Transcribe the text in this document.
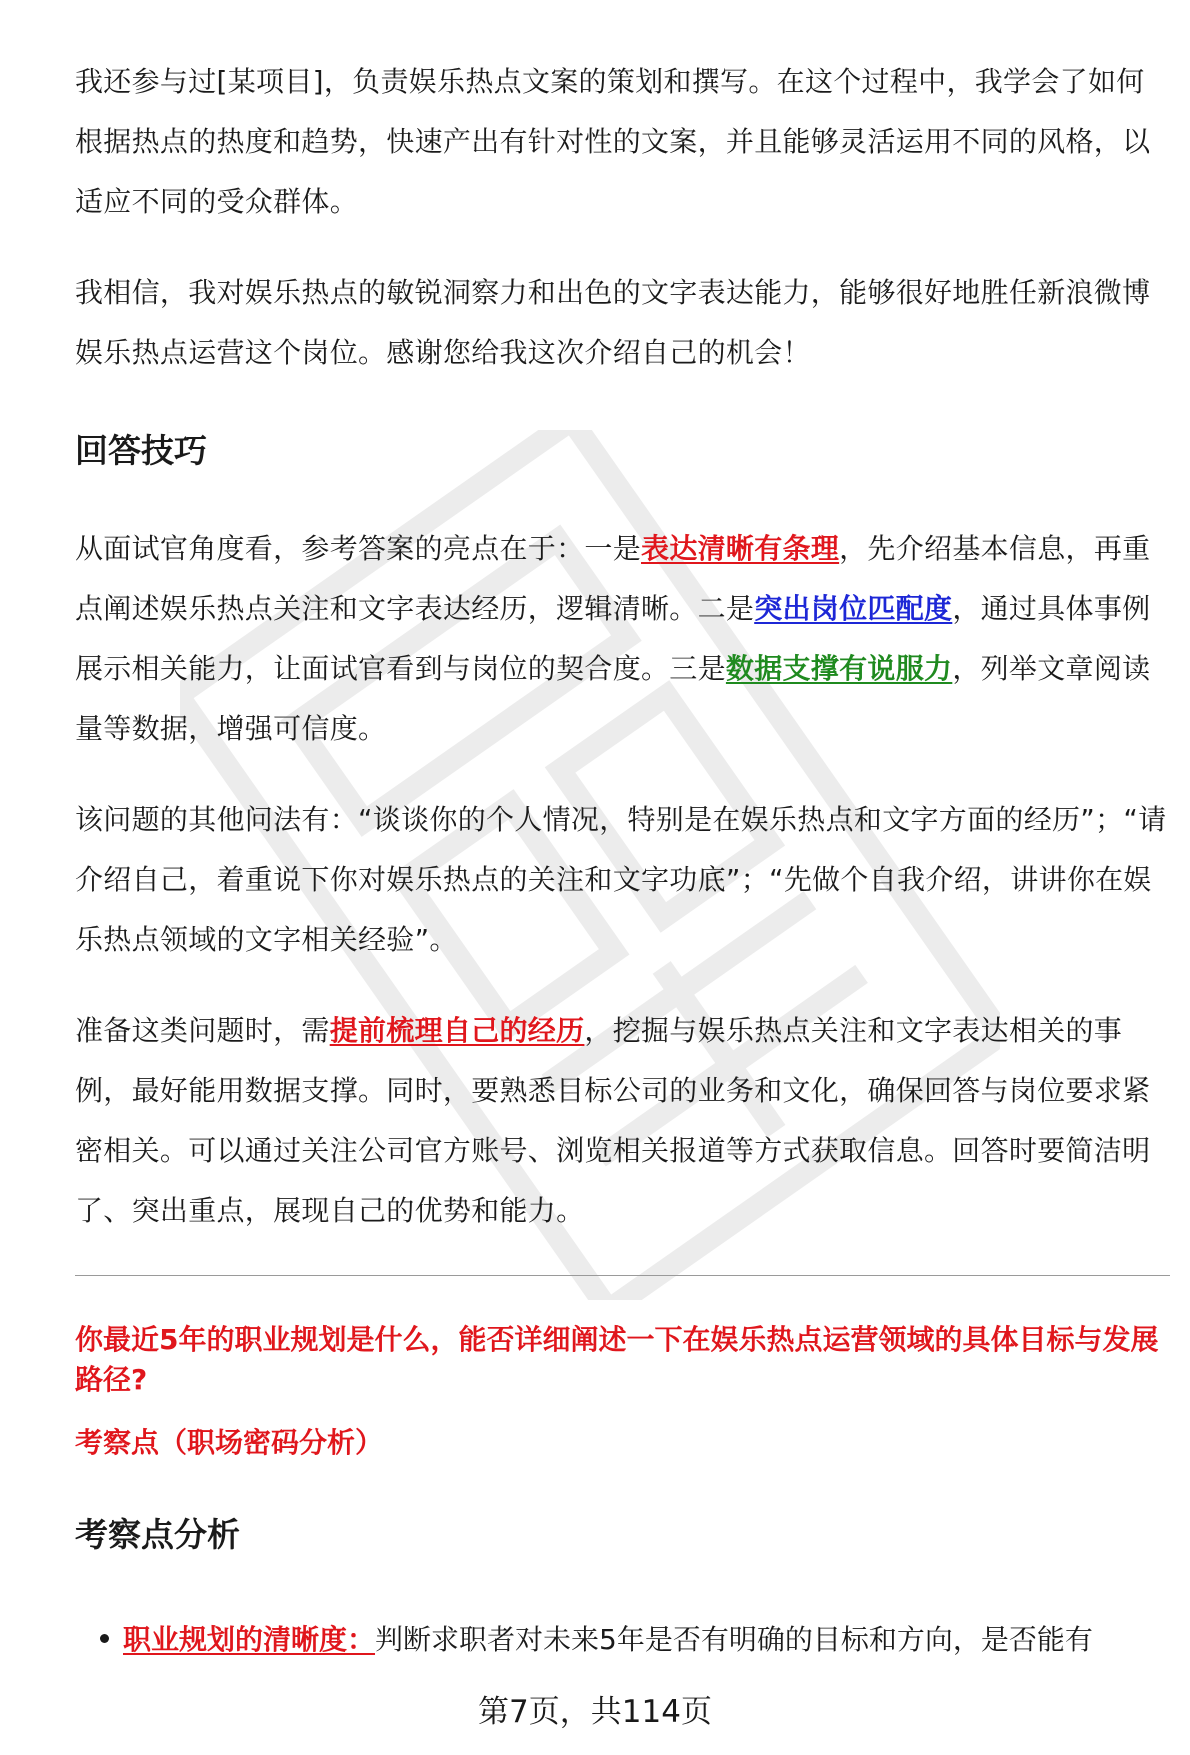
我还参与过[某项目]，负责娱乐热点文案的策划和撰写。在这个过程中，我学会了如何根据热点的热度和趋势，快速产出有针对性的文案，并且能够灵活运用不同的风格，以适应不同的受众群体。

我相信，我对娱乐热点的敏锐洞察力和出色的文字表达能力，能够很好地胜任新浪微博娱乐热点运营这个岗位。感谢您给我这次介绍自己的机会！

回答技巧

从面试官角度看，参考答案的亮点在于：一是表达清晰有条理，先介绍基本信息，再重点阐述娱乐热点关注和文字表达经历，逻辑清晰。二是突出岗位匹配度，通过具体事例展示相关能力，让面试官看到与岗位的契合度。三是数据支撑有说服力，列举文章阅读量等数据，增强可信度。

该问题的其他问法有：“谈谈你的个人情况，特别是在娱乐热点和文字方面的经历”；“请介绍自己，着重说下你对娱乐热点的关注和文字功底”；“先做个自我介绍，讲讲你在娱乐热点领域的文字相关经验”。

准备这类问题时，需提前梳理自己的经历，挖掘与娱乐热点关注和文字表达相关的事例，最好能用数据支撑。同时，要熟悉目标公司的业务和文化，确保回答与岗位要求紧密相关。可以通过关注公司官方账号、浏览相关报道等方式获取信息。回答时要简洁明了、突出重点，展现自己的优势和能力。

你最近5年的职业规划是什么，能否详细阐述一下在娱乐热点运营领域的具体目标与发展路径?

考察点（职场密码分析）

考察点分析
职业规划的清晰度：判断求职者对未来5年是否有明确的目标和方向，是否能有
第7页，共114页
